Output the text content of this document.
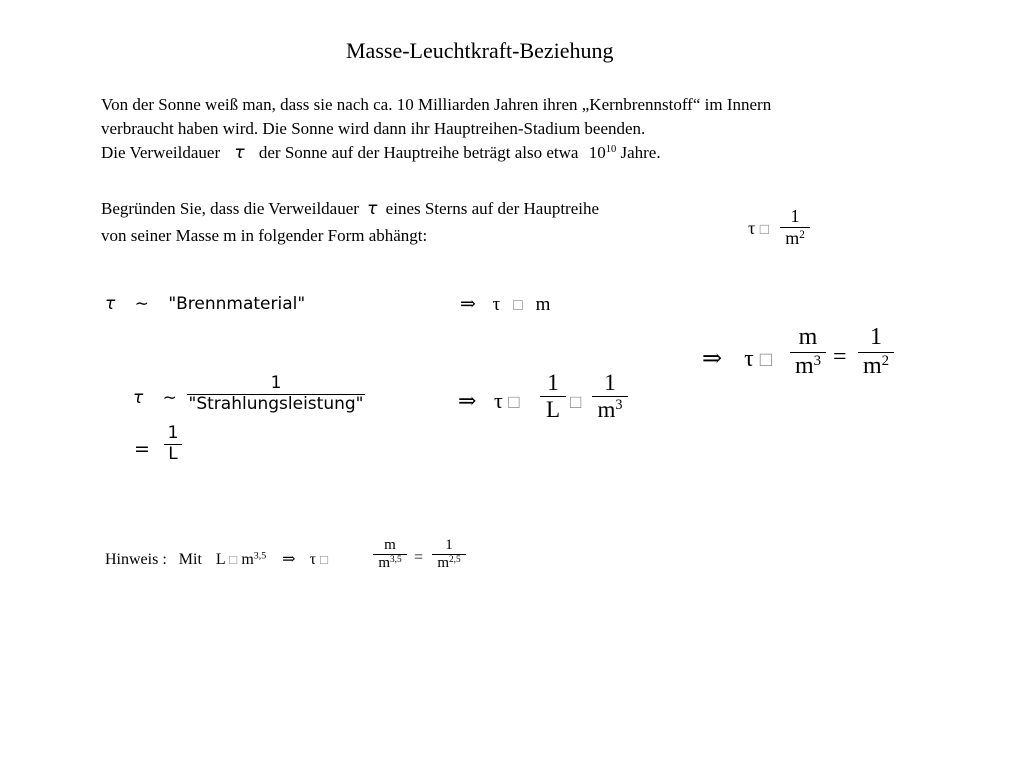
Masse-Leuchtkraft-Beziehung
Von der Sonne weiß man, dass sie nach ca. 10 Milliarden Jahren ihren „Kernbrennstoff“ im Innern
verbraucht haben wird. Die Sonne wird dann ihr Hauptreihen-Stadium beenden.
Die Verweildauer τ der Sonne auf der Hauptreihe beträgt also etwa $10^{10}$ Jahre.
Begründen Sie, dass die Verweildauer τ eines Sterns auf der Hauptreihe
von seiner Masse m in folgender Form abhängt:	τ □
1
$m^2$
τ ∼ "Brennmaterial"	⇒ τ □ m
τ ∼
1
"Strahlungsleistung"
=
1
L
⇒ τ □
1
L □
1
$m^3$
⇒ τ □
m
$m^3$ =
1
$m^2$
Hinweis : Mit L □ $m^{3,5}$ ⇒ τ □
m
$m^{3,5}$ =
1
$m^{2,5}$
